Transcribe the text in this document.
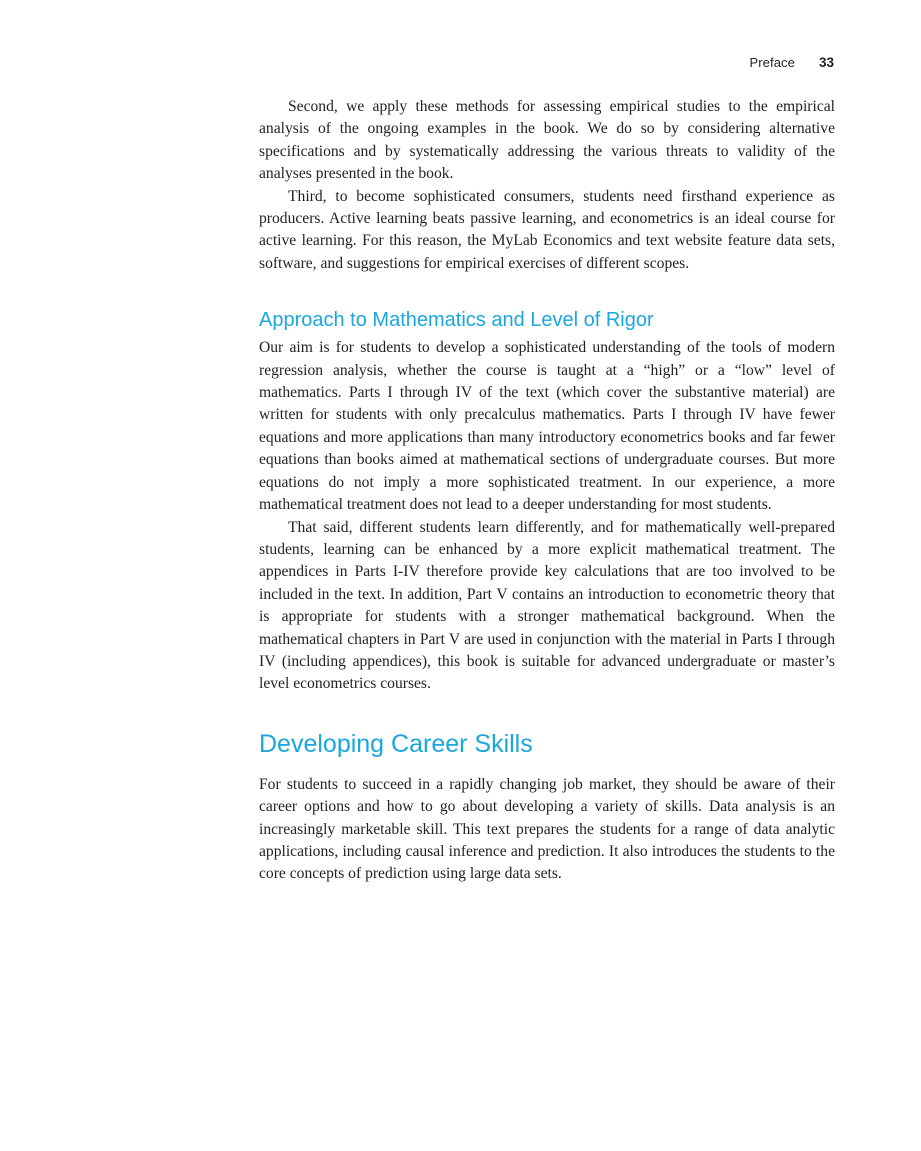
Preface 33

Second, we apply these methods for assessing empirical studies to the empirical analysis of the ongoing examples in the book. We do so by considering alternative specifications and by systematically addressing the various threats to validity of the analyses presented in the book.

Third, to become sophisticated consumers, students need firsthand experience as producers. Active learning beats passive learning, and econometrics is an ideal course for active learning. For this reason, the MyLab Economics and text website feature data sets, software, and suggestions for empirical exercises of different scopes.

Approach to Mathematics and Level of Rigor

Our aim is for students to develop a sophisticated understanding of the tools of modern regression analysis, whether the course is taught at a “high” or a “low” level of mathematics. Parts I through IV of the text (which cover the substantive material) are written for students with only precalculus mathematics. Parts I through IV have fewer equations and more applications than many introductory econometrics books and far fewer equations than books aimed at mathematical sections of undergraduate courses. But more equations do not imply a more sophisticated treatment. In our experience, a more mathematical treatment does not lead to a deeper understanding for most students.

That said, different students learn differently, and for mathematically well-prepared students, learning can be enhanced by a more explicit mathematical treatment. The appendices in Parts I-IV therefore provide key calculations that are too involved to be included in the text. In addition, Part V contains an introduction to econometric theory that is appropriate for students with a stronger mathematical background. When the mathematical chapters in Part V are used in conjunction with the material in Parts I through IV (including appendices), this book is suitable for advanced undergraduate or master’s level econometrics courses.

Developing Career Skills

For students to succeed in a rapidly changing job market, they should be aware of their career options and how to go about developing a variety of skills. Data analysis is an increasingly marketable skill. This text prepares the students for a range of data analytic applications, including causal inference and prediction. It also introduces the students to the core concepts of prediction using large data sets.
